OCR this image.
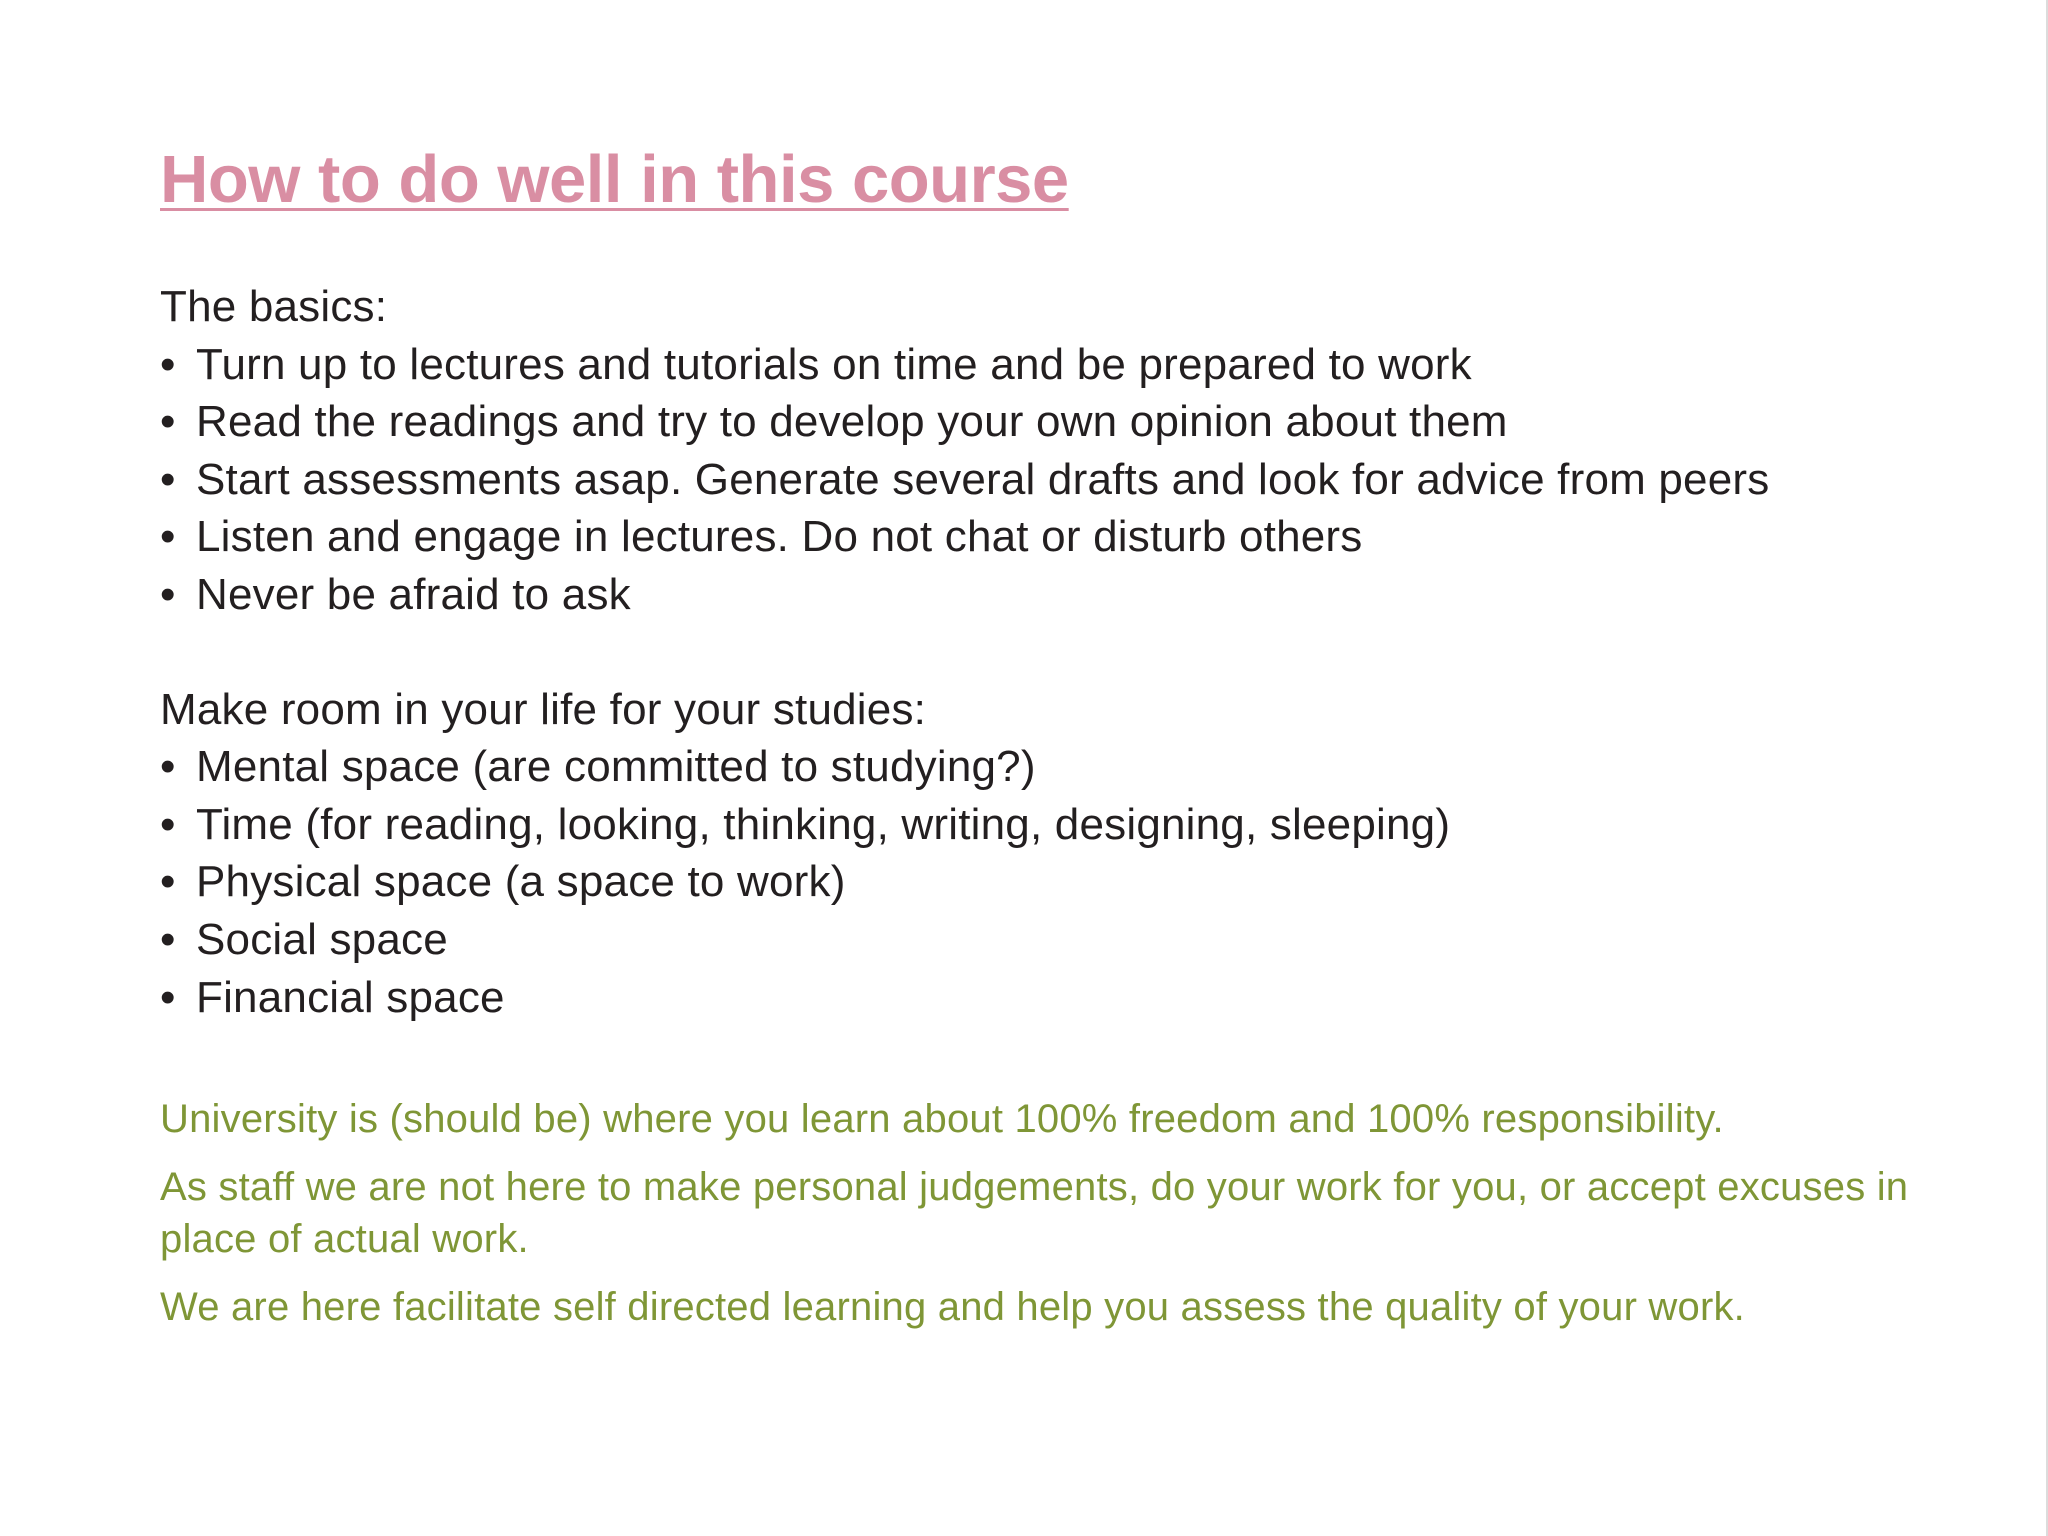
How to do well in this course
The basics:
• Turn up to lectures and tutorials on time and be prepared to work
• Read the readings and try to develop your own opinion about them
• Start assessments asap. Generate several drafts and look for advice from peers
• Listen and engage in lectures. Do not chat or disturb others
• Never be afraid to ask
Make room in your life for your studies:
• Mental space (are committed to studying?)
• Time (for reading, looking, thinking, writing, designing, sleeping)
• Physical space (a space to work)
• Social space
• Financial space

University is (should be) where you learn about 100% freedom and 100% responsibility.

As staff we are not here to make personal judgements, do your work for you, or accept excuses in place of actual work.

We are here facilitate self directed learning and help you assess the quality of your work.
